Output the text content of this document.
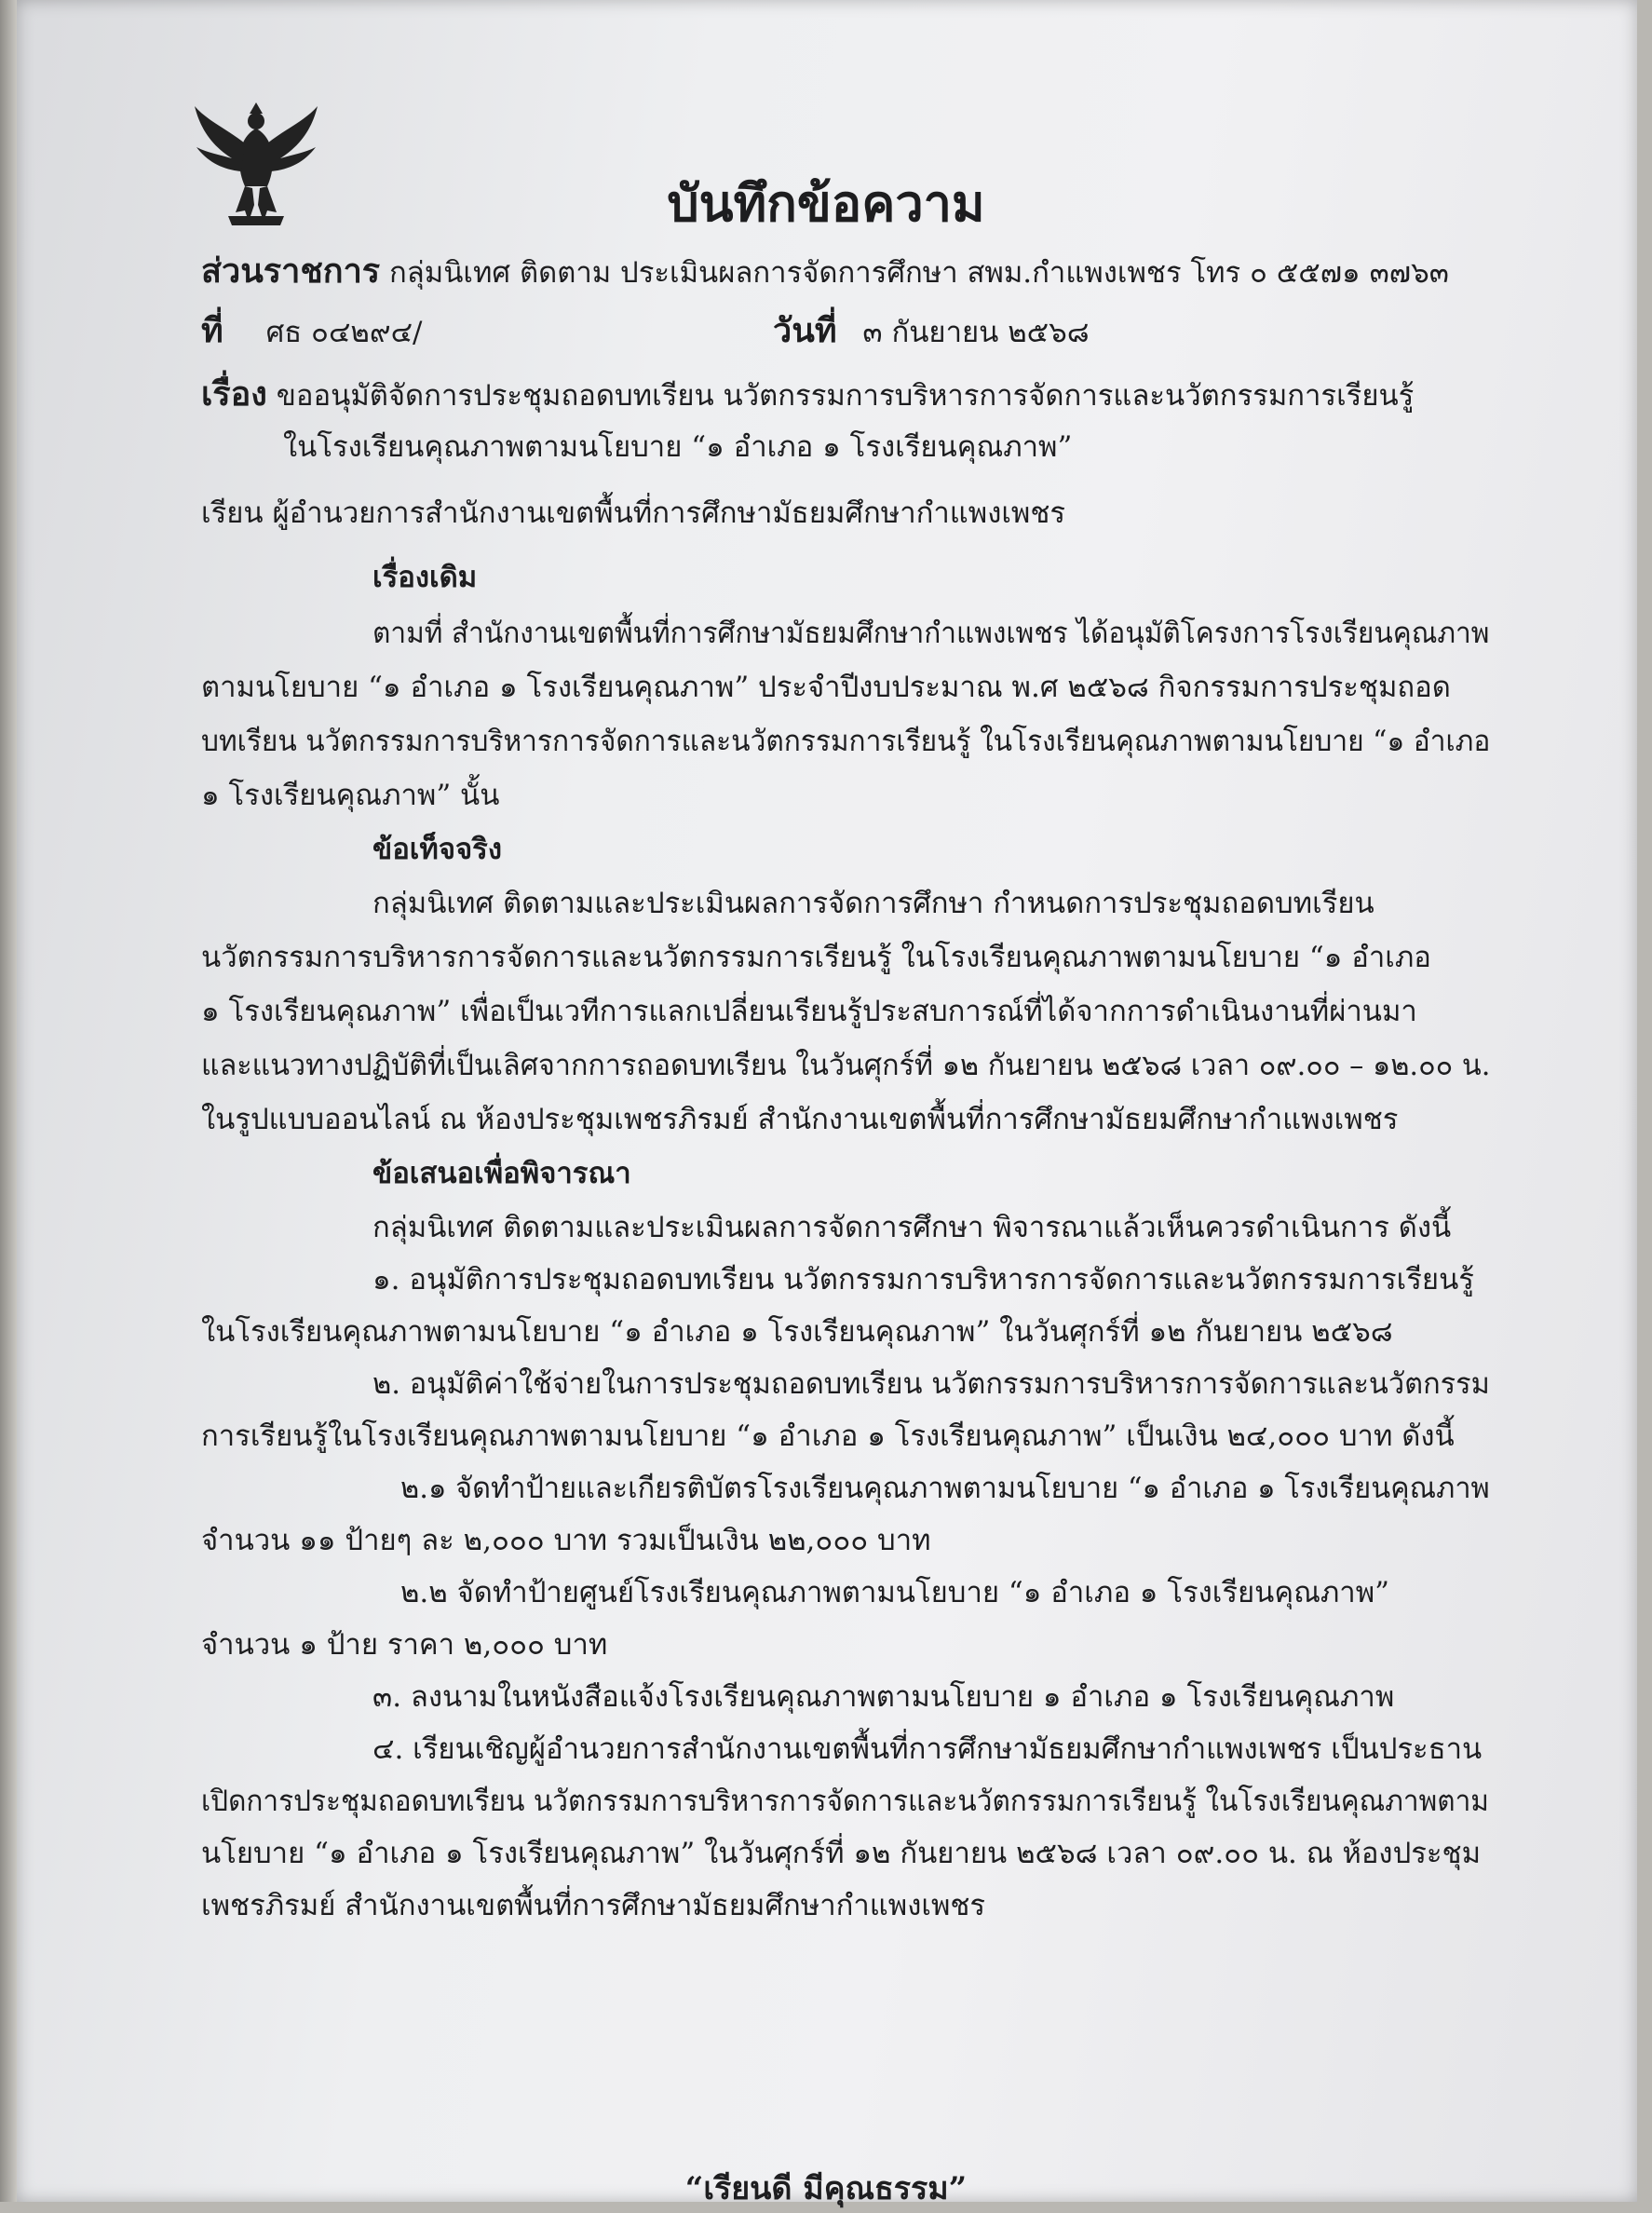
บันทึกข้อความ
ส่วนราชการ กลุ่มนิเทศ ติดตาม ประเมินผลการจัดการศึกษา สพม.กำแพงเพชร โทร ๐ ๕๕๗๑ ๓๗๖๓
ที่ ศธ ๐๔๒๙๔/	วันที่ ๓ กันยายน ๒๕๖๘
เรื่อง ขออนุมัติจัดการประชุมถอดบทเรียน นวัตกรรมการบริหารการจัดการและนวัตกรรมการเรียนรู้
ในโรงเรียนคุณภาพตามนโยบาย “๑ อำเภอ ๑ โรงเรียนคุณภาพ”
เรียน ผู้อำนวยการสำนักงานเขตพื้นที่การศึกษามัธยมศึกษากำแพงเพชร
เรื่องเดิม
ตามที่ สำนักงานเขตพื้นที่การศึกษามัธยมศึกษากำแพงเพชร ได้อนุมัติโครงการโรงเรียนคุณภาพ
ตามนโยบาย “๑ อำเภอ ๑ โรงเรียนคุณภาพ” ประจำปีงบประมาณ พ.ศ ๒๕๖๘ กิจกรรมการประชุมถอด
บทเรียน นวัตกรรมการบริหารการจัดการและนวัตกรรมการเรียนรู้ ในโรงเรียนคุณภาพตามนโยบาย “๑ อำเภอ
๑ โรงเรียนคุณภาพ” นั้น
ข้อเท็จจริง
กลุ่มนิเทศ ติดตามและประเมินผลการจัดการศึกษา กำหนดการประชุมถอดบทเรียน
นวัตกรรมการบริหารการจัดการและนวัตกรรมการเรียนรู้ ในโรงเรียนคุณภาพตามนโยบาย “๑ อำเภอ
๑ โรงเรียนคุณภาพ” เพื่อเป็นเวทีการแลกเปลี่ยนเรียนรู้ประสบการณ์ที่ได้จากการดำเนินงานที่ผ่านมา
และแนวทางปฏิบัติที่เป็นเลิศจากการถอดบทเรียน ในวันศุกร์ที่ ๑๒ กันยายน ๒๕๖๘ เวลา ๐๙.๐๐ – ๑๒.๐๐ น.
ในรูปแบบออนไลน์ ณ ห้องประชุมเพชรภิรมย์ สำนักงานเขตพื้นที่การศึกษามัธยมศึกษากำแพงเพชร
ข้อเสนอเพื่อพิจารณา
กลุ่มนิเทศ ติดตามและประเมินผลการจัดการศึกษา พิจารณาแล้วเห็นควรดำเนินการ ดังนี้
๑. อนุมัติการประชุมถอดบทเรียน นวัตกรรมการบริหารการจัดการและนวัตกรรมการเรียนรู้
ในโรงเรียนคุณภาพตามนโยบาย “๑ อำเภอ ๑ โรงเรียนคุณภาพ” ในวันศุกร์ที่ ๑๒ กันยายน ๒๕๖๘
๒. อนุมัติค่าใช้จ่ายในการประชุมถอดบทเรียน นวัตกรรมการบริหารการจัดการและนวัตกรรม
การเรียนรู้ในโรงเรียนคุณภาพตามนโยบาย “๑ อำเภอ ๑ โรงเรียนคุณภาพ” เป็นเงิน ๒๔,๐๐๐ บาท ดังนี้
๒.๑ จัดทำป้ายและเกียรติบัตรโรงเรียนคุณภาพตามนโยบาย “๑ อำเภอ ๑ โรงเรียนคุณภาพ
จำนวน ๑๑ ป้ายๆ ละ ๒,๐๐๐ บาท รวมเป็นเงิน ๒๒,๐๐๐ บาท
๒.๒ จัดทำป้ายศูนย์โรงเรียนคุณภาพตามนโยบาย “๑ อำเภอ ๑ โรงเรียนคุณภาพ”
จำนวน ๑ ป้าย ราคา ๒,๐๐๐ บาท
๓. ลงนามในหนังสือแจ้งโรงเรียนคุณภาพตามนโยบาย ๑ อำเภอ ๑ โรงเรียนคุณภาพ
๔. เรียนเชิญผู้อำนวยการสำนักงานเขตพื้นที่การศึกษามัธยมศึกษากำแพงเพชร เป็นประธาน
เปิดการประชุมถอดบทเรียน นวัตกรรมการบริหารการจัดการและนวัตกรรมการเรียนรู้ ในโรงเรียนคุณภาพตาม
นโยบาย “๑ อำเภอ ๑ โรงเรียนคุณภาพ” ในวันศุกร์ที่ ๑๒ กันยายน ๒๕๖๘ เวลา ๐๙.๐๐ น. ณ ห้องประชุม
เพชรภิรมย์ สำนักงานเขตพื้นที่การศึกษามัธยมศึกษากำแพงเพชร
“เรียนดี มีคุณธรรม”
